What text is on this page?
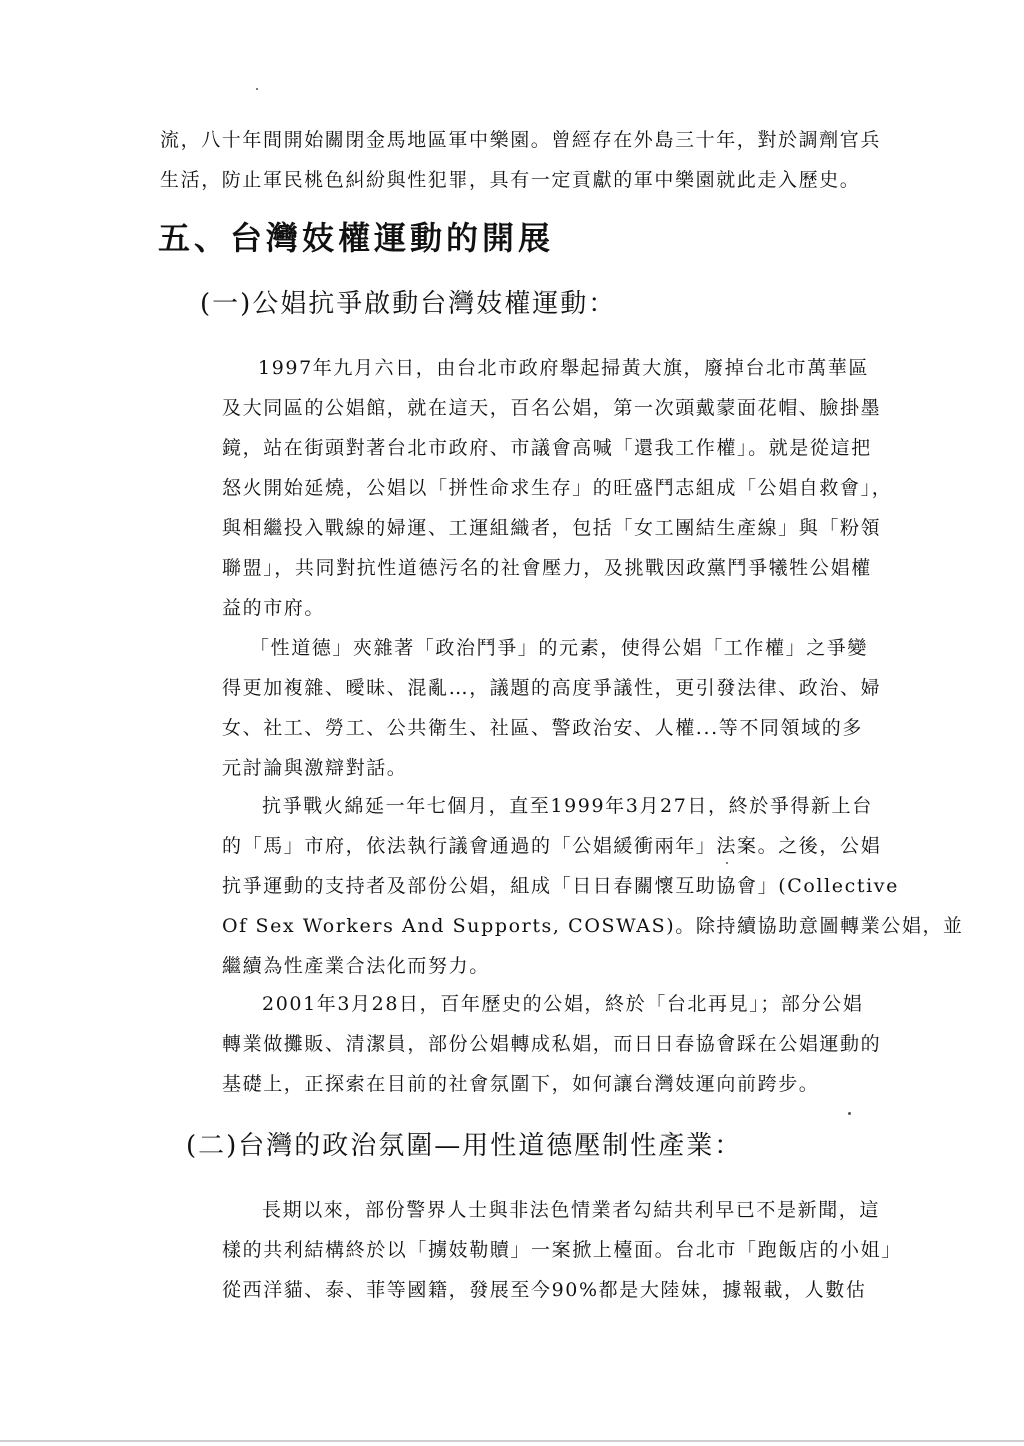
流，八十年間開始關閉金馬地區軍中樂園。曾經存在外島三十年，對於調劑官兵
生活，防止軍民桃色糾紛與性犯罪，具有一定貢獻的軍中樂園就此走入歷史。
五、台灣妓權運動的開展
(一)公娼抗爭啟動台灣妓權運動：
1997年九月六日，由台北市政府舉起掃黃大旗，廢掉台北市萬華區
及大同區的公娼館，就在這天，百名公娼，第一次頭戴蒙面花帽、臉掛墨
鏡，站在街頭對著台北市政府、市議會高喊「還我工作權」。就是從這把
怒火開始延燒，公娼以「拼性命求生存」的旺盛鬥志組成「公娼自救會」，
與相繼投入戰線的婦運、工運組織者，包括「女工團結生產線」與「粉領
聯盟」，共同對抗性道德污名的社會壓力，及挑戰因政黨鬥爭犧牲公娼權
益的市府。
「性道德」夾雜著「政治鬥爭」的元素，使得公娼「工作權」之爭變
得更加複雜、曖昧、混亂…，議題的高度爭議性，更引發法律、政治、婦
女、社工、勞工、公共衛生、社區、警政治安、人權...等不同領域的多
元討論與激辯對話。
抗爭戰火綿延一年七個月，直至1999年3月27日，終於爭得新上台
的「馬」市府，依法執行議會通過的「公娼緩衝兩年」法案。之後，公娼
抗爭運動的支持者及部份公娼，組成「日日春關懷互助協會」(Collective
Of Sex Workers And Supports, COSWAS)。除持續協助意圖轉業公娼，並
繼續為性產業合法化而努力。
2001年3月28日，百年歷史的公娼，終於「台北再見」；部分公娼
轉業做攤販、清潔員，部份公娼轉成私娼，而日日春協會踩在公娼運動的
基礎上，正探索在目前的社會氛圍下，如何讓台灣妓運向前跨步。
(二)台灣的政治氛圍—用性道德壓制性產業：
長期以來，部份警界人士與非法色情業者勾結共利早已不是新聞，這
樣的共利結構終於以「擄妓勒贖」一案掀上檯面。台北市「跑飯店的小姐」
從西洋貓、泰、菲等國籍，發展至今90%都是大陸妹，據報載，人數估
